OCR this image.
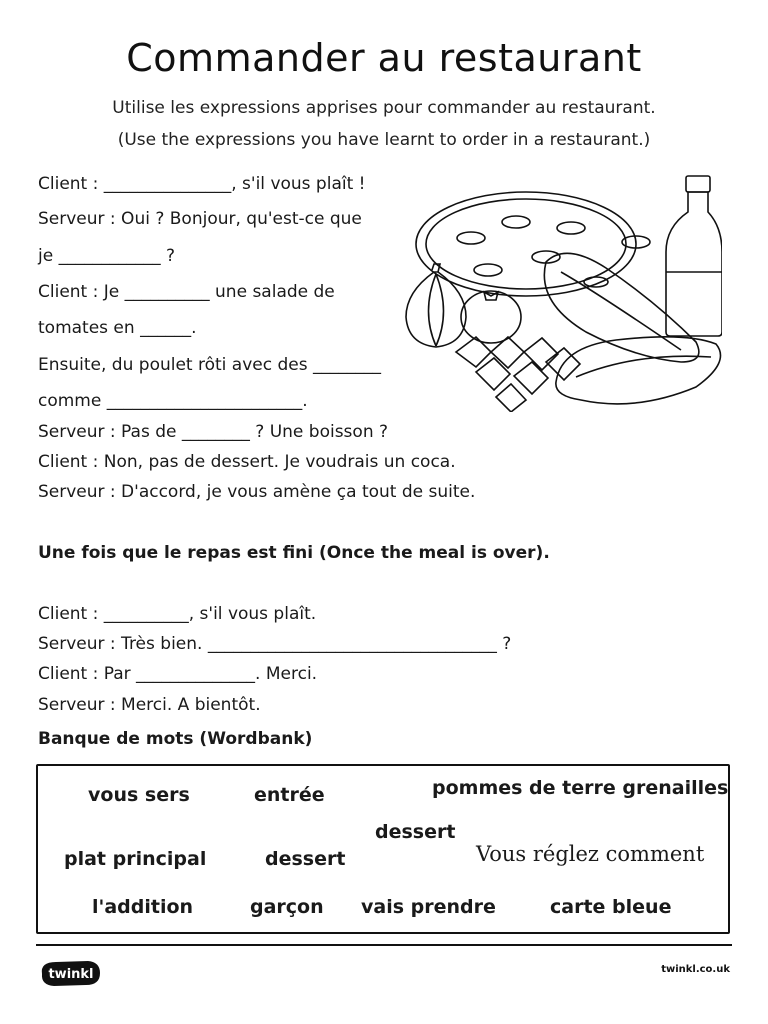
Commander au restaurant
Utilise les expressions apprises pour commander au restaurant.
(Use the expressions you have learnt to order in a restaurant.)
Client : _______________, s'il vous plaît !
Serveur : Oui ? Bonjour, qu'est-ce que
je ____________ ?
Client : Je __________ une salade de
tomates en ______.
Ensuite, du poulet rôti avec des ________
comme _______________________.
Serveur : Pas de ________ ? Une boisson ?
Client : Non, pas de dessert. Je voudrais un coca.
Serveur : D'accord, je vous amène ça tout de suite.
Une fois que le repas est fini (Once the meal is over).
Client : __________, s'il vous plaît.
Serveur : Très bien. __________________________________ ?
Client : Par ______________. Merci.
Serveur : Merci. A bientôt.
Banque de mots (Wordbank)
vous sers	entrée	pommes de terre grenailles
dessert
plat principal	dessert	Vous réglez comment
l'addition	garçon vais prendre	carte bleue
twinkl	twinkl.co.uk
